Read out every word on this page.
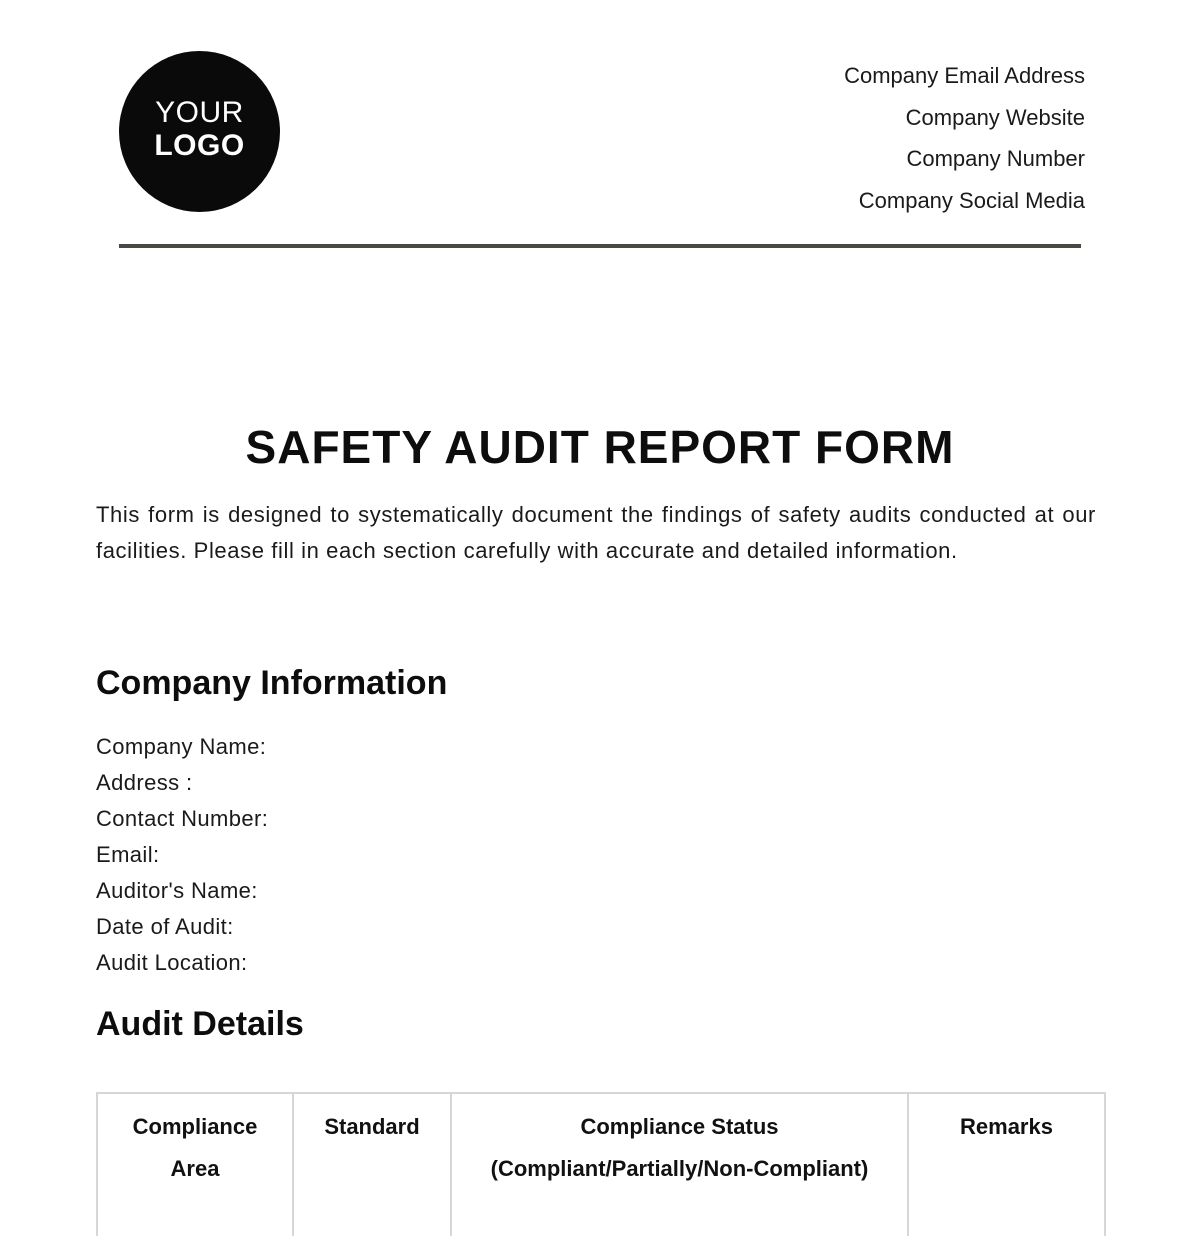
YOUR
LOGO
Company Email Address
Company Website
Company Number
Company Social Media
SAFETY AUDIT REPORT FORM

This form is designed to systematically document the findings of safety audits conducted at our facilities. Please fill in each section carefully with accurate and detailed information.

Company Information
Company Name:
Address :
Contact Number:
Email:
Auditor's Name:
Date of Audit:
Audit Location:
Audit Details
Compliance Area	Standard	Compliance Status (Compliant/Partially/Non-Compliant)	Remarks
